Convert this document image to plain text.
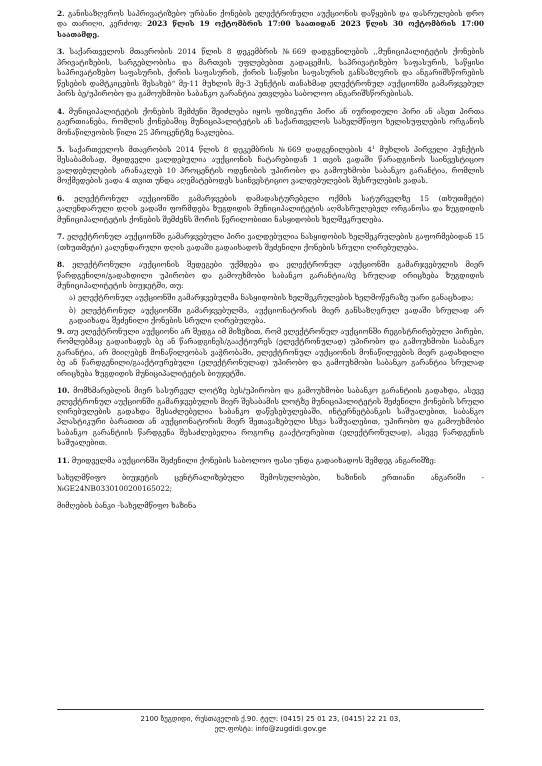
2. განისაზღვროს საპრივატიზებო ურბანი ქონების ელექტრონული აუქციონის დაწყების და დასრულების დრო და თარიღი, კერძოდ: 2023 წლის 19 ოქტომბრის 17:00 საათიდან 2023 წლის 30 ოქტომბრის 17:00 საათამდე.

3. საქართველოს მთავრობის 2014 წლის 8 დეკემბრის №669 დადგენილების ,,მუნიციპალიტეტის ქონების პრივატიზების, სარგებლობისა და მართვის უფლებებით გადაცემის, საპრივატიზებო საფასურის, საწყისი საპრივატიზებო საფასურის, ქირის საფასურის, ქირის საწყისი საფასურის განსაზღვრის და ანგარიშსწორების წესების დამტკიცების შესახებ“ მე-11 მუხლის მე-3 პუნქტის თანახმად ელექტრონულ აუქციონში გამარჯვებულ პირს ბე/უპირობო და გამოუხმობი საბანკო გარანტია ეთვლება საბოლოო ანგარიშსწორებისას.

4. მუნიციპალიტეტის ქონების შემძენი შეიძლება იყოს ფიზიკური პირი ან იურიდიული პირი ან ასეთ პირთა გაერთიანება, რომლის ქონებაშიც მუნიციპალიტეტის ან საქართველოს სახელმწიფო ხელისუფლების ორგანოს მონაწილეობის წილი 25 პროცენტზე ნაკლებია.

5. საქართველოს მთავრობის 2014 წლის 8 დეკემბრის №669 დადგენილების $4^1$ მუხლის პირველი პუნქტის შესაბამისად, მყიდველი ვალდებულია აუქციონის ჩატარებიდან 1 თვის ვადაში წარადგინოს საინვესტიციო ვალდებულების არანაკლებ 10 პროცენტის ოდენობის უპირობო და გამოუხმობი საბანკო გარანტია, რომლის მოქმედების ვადა 4 თვით უნდა აღემატებოდეს საინვესტიციო ვალდებულების შესრულების ვადას.

6. ელექტრონულ აუქციონში გამარჯვების დამადასტურებელი ოქმის სატურველზე 15 (თხუთმეტი) კალენდარული დღის ვადაში ფორმდება ზუგდიდის მუნიციპალიტეტის აღმასრულებელ ორგანოსა და ზუგდიდის მუნიციპალიტეტის ქონების შემძენს შორის წერილობითი ნასყიდობის ხელშეკრულება.

7. ელექტრონულ აუქციონში გამარჯვებული პირი ვალდებულია ნასყიდობის ხელშეკრულების გაფორმებიდან 15 (თხუთმეტი) კალენდარული დღის ვადაში გადაიხადოს შეძენილი ქონების სრული ღირებულება.

8. ელექტრონული აუქციონის შედეგები უქმდება და ელექტრონულ აუქციონში გამარჯვებულის მიერ წარდგენილი/გადახდილი უპირობო და გამოუხმობი საბანკო გარანტია/ბე სრულად ირიცხება ზუგდიდის მუნიციპალიტეტის ბიუჯეტში, თუ:

ა) ელექტრონულ აუქციონში გამარჯვებულმა ნასყიდობის ხელშეკრულების ხელმოწერაზე უარი განაცხადა;

ბ) ელექტრონულ აუქციონში გამარჯვებულმა, აუქციონატორის მიერ განსაზღვრულ ვადაში სრულად არ გადაიხადა შეძენილი ქონების სრული ღირებულება.

9. თუ ელექტრონული აუქციონი არ შედგა იმ მიზეზით, რომ ელექტრონულ აუქციონში რეგისტრირებული პირები, რომლებმაც გადაიხადეს ბე ან წარადგინეს/გააქტიურეს (ელექტრონულად) უპირობო და გამოუხმობი საბანკო გარანტია, არ მიიღებენ მონაწილეობას ვაჭრობაში, ელექტრონულ აუქციონის მონაწილეების მიერ გადახდილი ბე ან წარდგენილი/გააქტიურებული (ელექტრონულად) უპირობო და გამოუხმობი საბანკო გარანტია სრულად ირიცხება ზუგდიდის მუნიციპალიტეტის ბიუჯეტში.

10. მომხმარებლის მიერ სასურველ ლოტზე ბეს/უპირობო და გამოუხმობი საბანკო გარანტიის გადახდა, ასევე ელექტრონულ აუქციონში გამარჯვებულის მიერ შესაბამის ლოტზე მუნიციპალიტეტის შეძენილი ქონების სრული ღირებულების გადახდა შესაძლებელია საბანკო დაწესებულებაში, ინტერნეტბანკის საშუალებით, საბანკო პლასტიკური ბარათით ან აუქციონატორის მიერ შეთავაზებული სხვა საშუალებით, უპირობო და გამოუხმობი საბანკო გარანტიის წარდგენა შესაძლებელია როგორც გააქტიურებით (ელექტრონულად), ასევე წარდგენის საშუალებით.

11. მუიდველმა აუქციონში შეძენილი ქონების საბოლოო ფასი უნდა გადაიხადოს შემდეგ ანგარიშზე:

სახელმწიფო ბიუჯეტის ცენტრალიზებული შემოსულობები, ხაზინის ერთიანი ანგარიში - №GE24NB0330100200165022;

მიმღების ბანკი -სახელმწიფო ხაზინა

2100 ზუგდიდი, რუსთაველის ქ.90. ტელ: (0415) 25 01 23, (0415) 22 21 03,
ელ.ფოსტა: info@zugdidi.gov.ge
